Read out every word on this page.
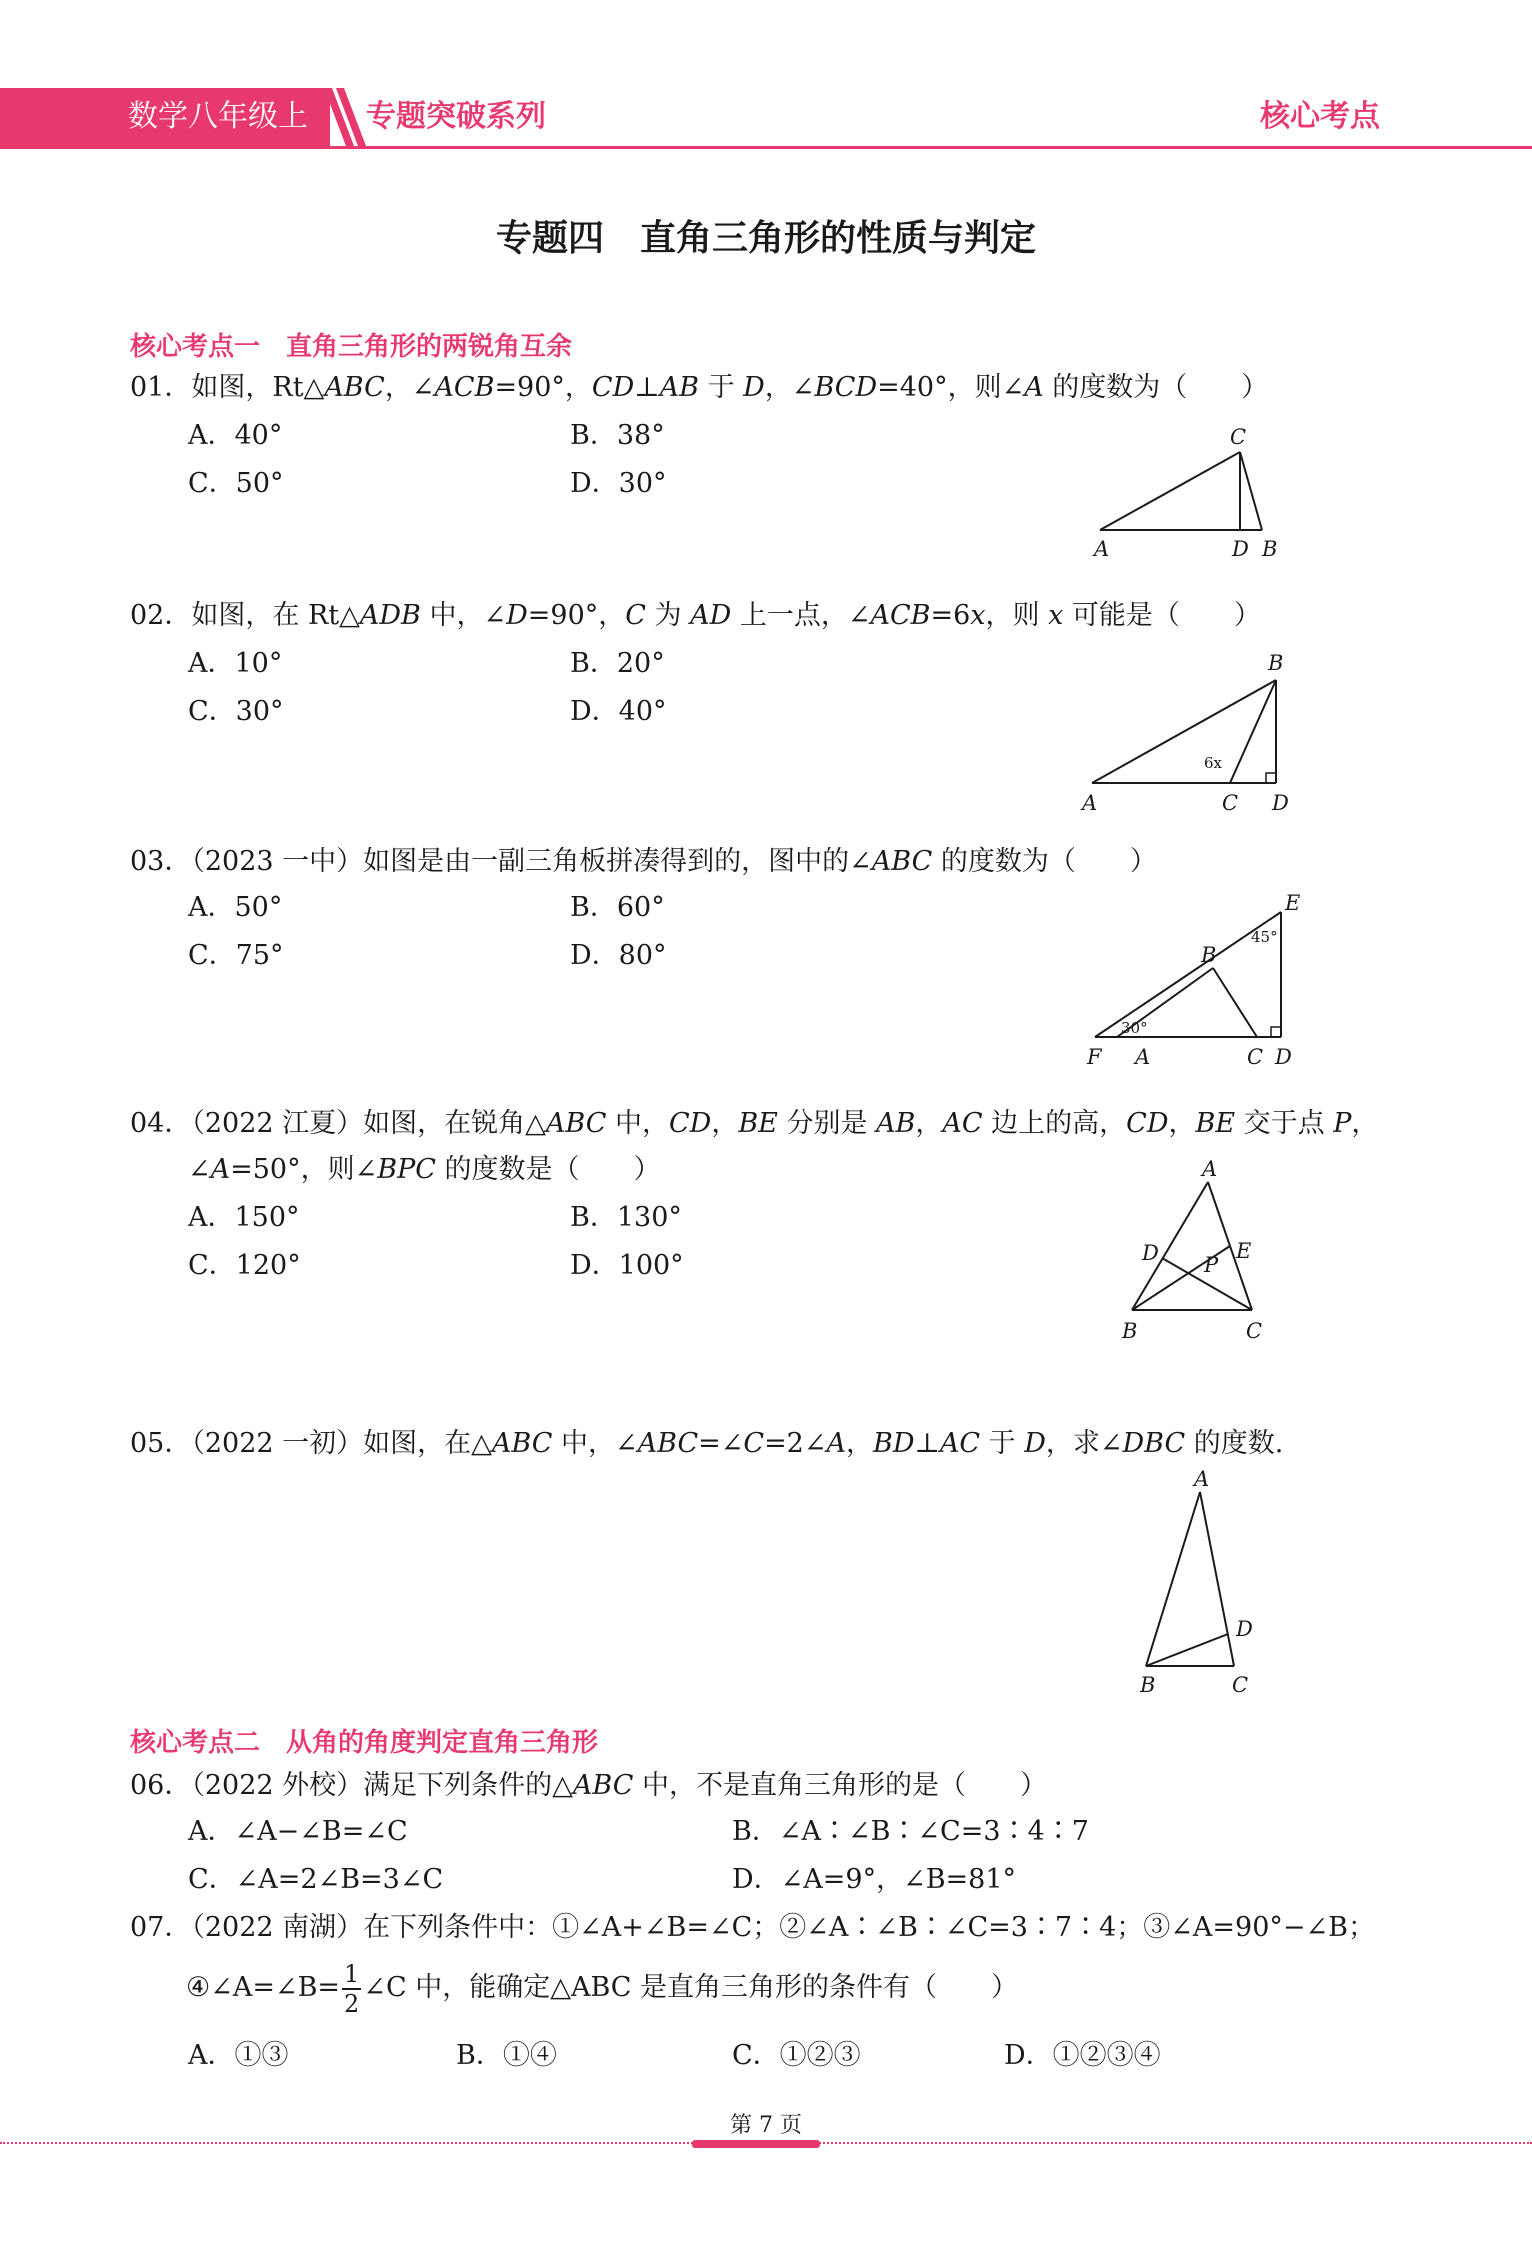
数学八年级上册
专题突破系列	核心考点
专题四　直角三角形的性质与判定
核心考点一　直角三角形的两锐角互余
01．如图，Rt△ABC，∠ACB=90°，CD⊥AB 于 D，∠BCD=40°，则∠A 的度数为（　　）
A．40°	B．38°
C．50°	D．30°
C
A	D B
02．如图，在 Rt△ADB 中，∠D=90°，C 为 AD 上一点，∠ACB=6x，则 x 可能是（　　）
A．10°	B．20°
C．30°	D．40°
B
A	C D
6x
03．（2023 一中）如图是由一副三角板拼凑得到的，图中的∠ABC 的度数为（　　）
A．50°	B．60°
C．75°	D．80°
E
B
F A	C D
30°
45°
04．（2022 江夏）如图，在锐角△ABC 中，CD，BE 分别是 AB，AC 边上的高，CD，BE 交于点 P，
∠A=50°，则∠BPC 的度数是（　　）
A．150°	B．130°
C．120°	D．100°
A
D	E
P
B	C
05．（2022 一初）如图，在△ABC 中，∠ABC=∠C=2∠A，BD⊥AC 于 D，求∠DBC 的度数.
A
D
B	C
核心考点二　从角的角度判定直角三角形
06．（2022 外校）满足下列条件的△ABC 中，不是直角三角形的是（　　）
A．∠A−∠B=∠C	B．∠A∶∠B∶∠C=3∶4∶7
C．∠A=2∠B=3∠C	D．∠A=9°，∠B=81°
07．（2022 南湖）在下列条件中：①∠A+∠B=∠C；②∠A∶∠B∶∠C=3∶7∶4；③∠A=90°−∠B；
④∠A=∠B= $\frac{1}{2}$ ∠C 中，能确定△ABC 是直角三角形的条件有（　　）
A．①③	B．①④	C．①②③	D．①②③④
第 7 页
